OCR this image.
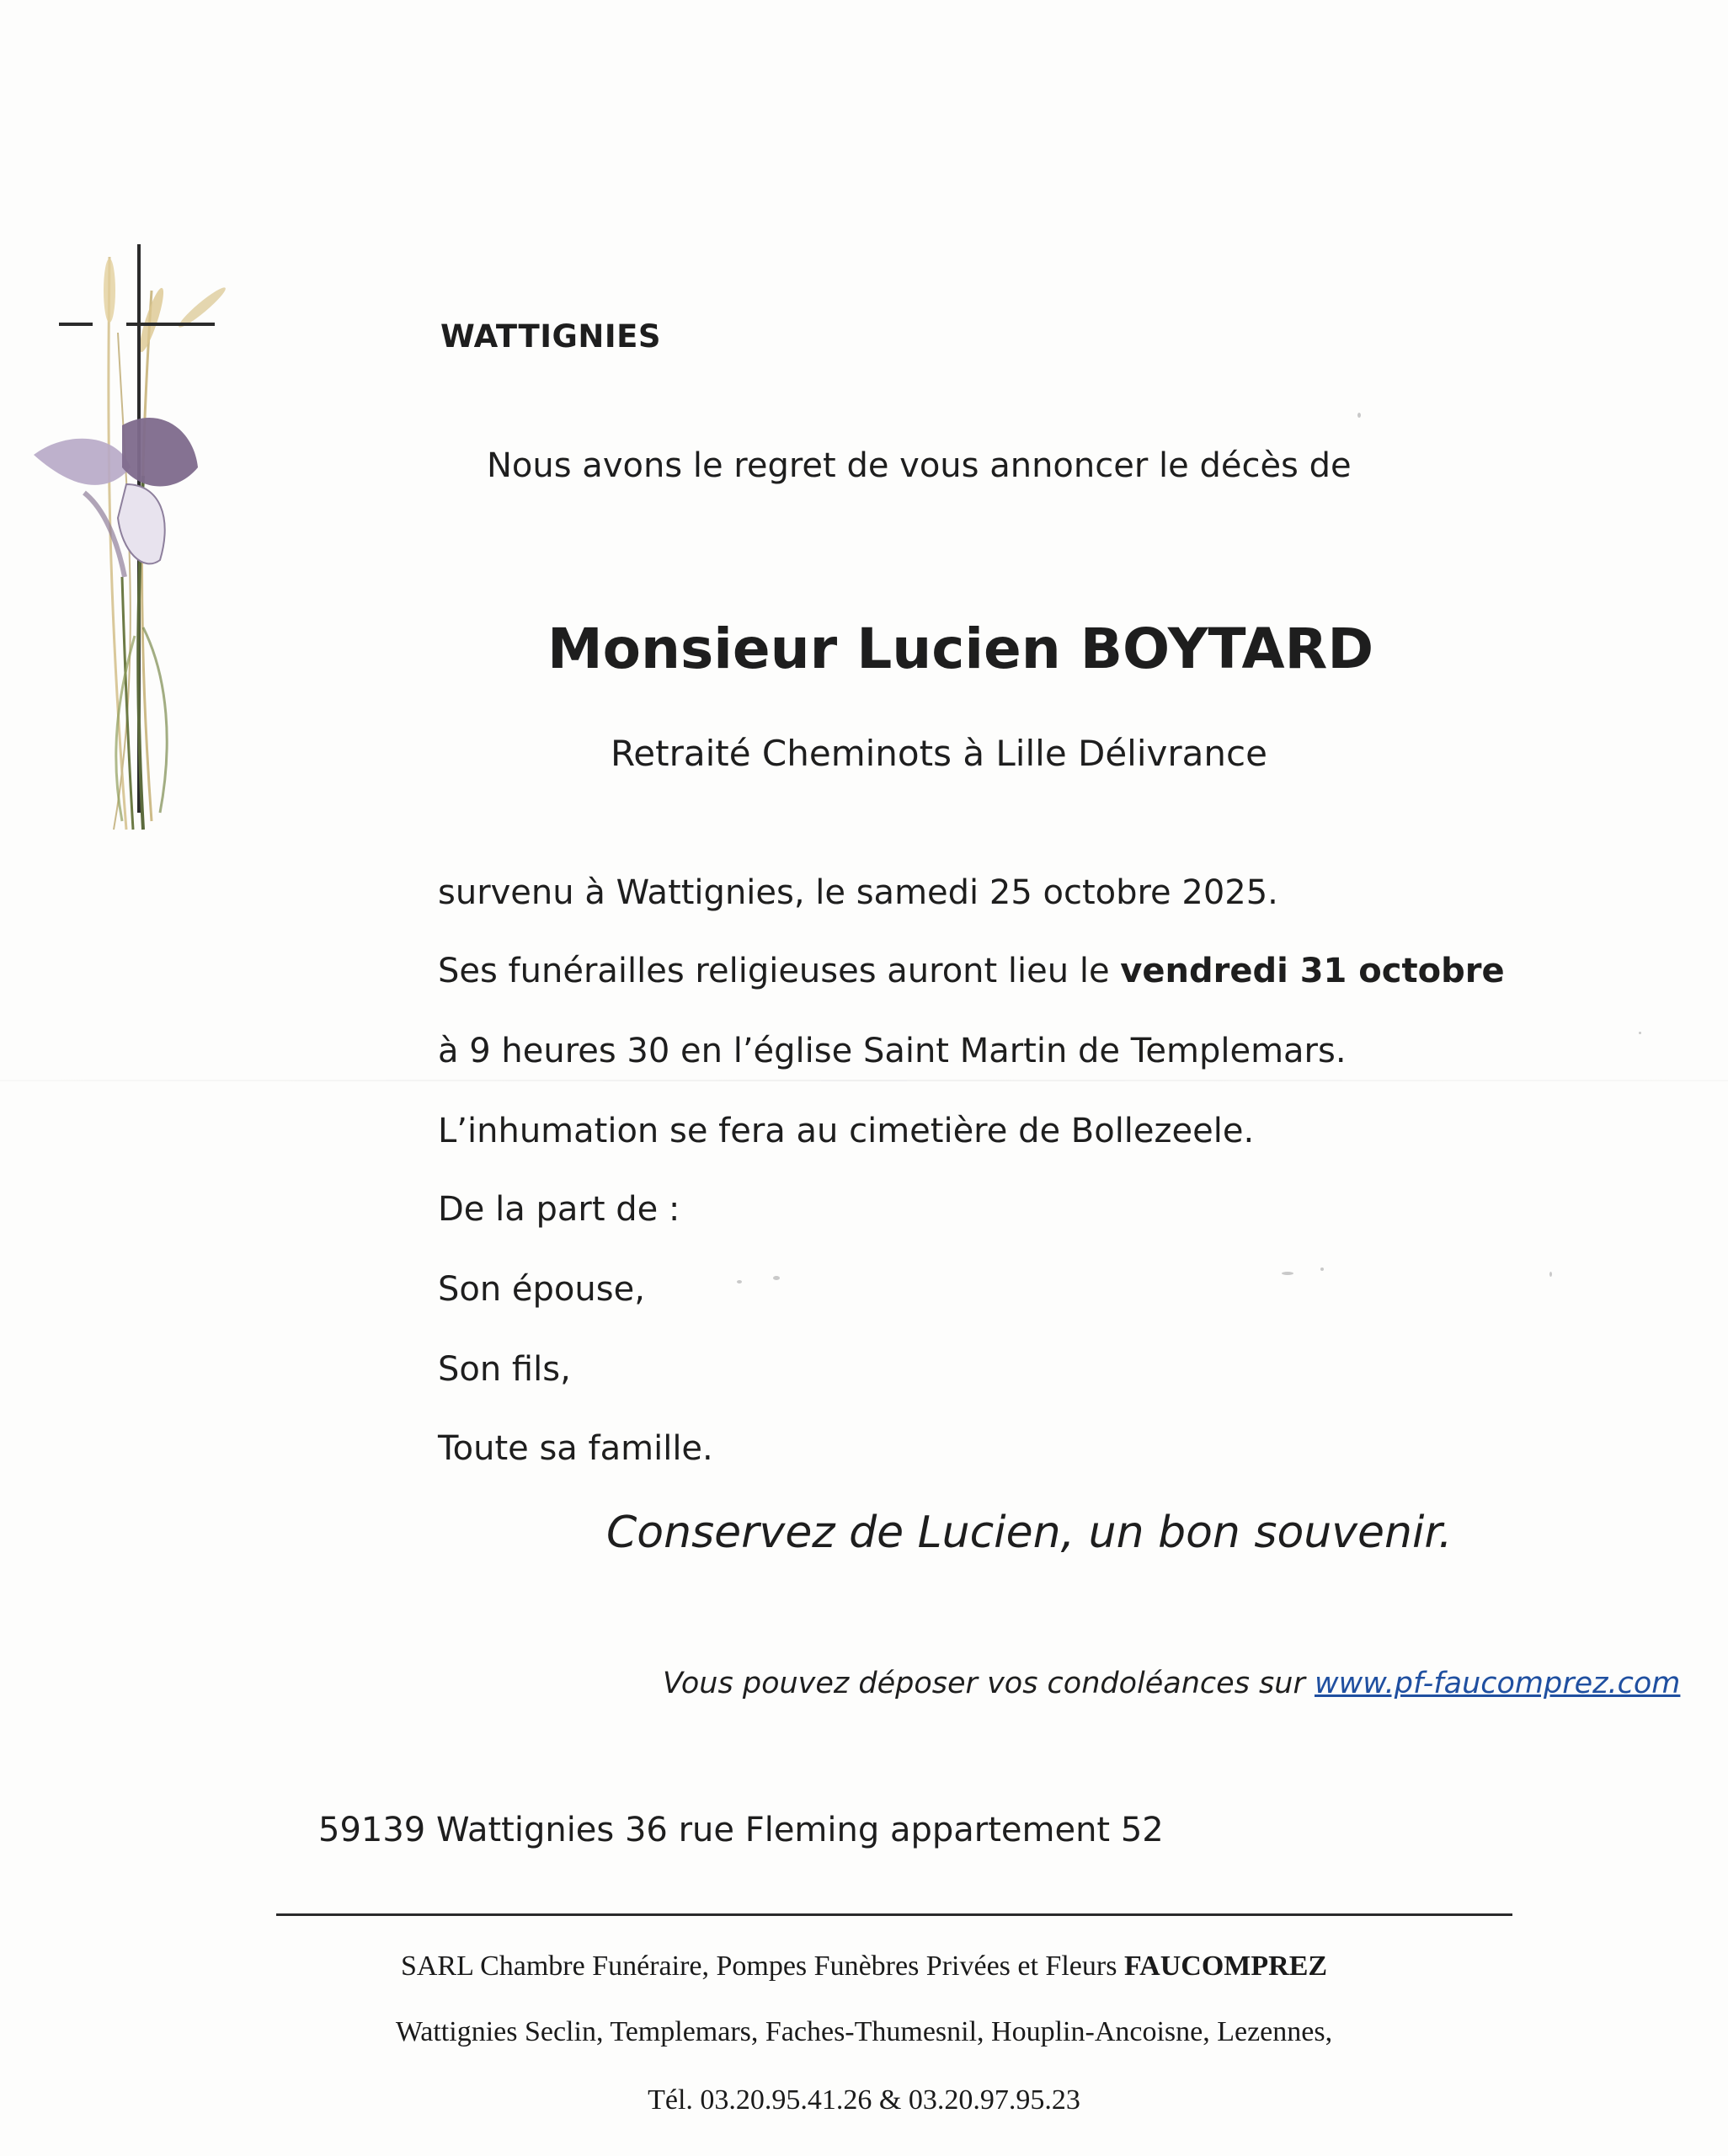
WATTIGNIES
Nous avons le regret de vous annoncer le décès de
Monsieur Lucien BOYTARD
Retraité Cheminots à Lille Délivrance
survenu à Wattignies, le samedi 25 octobre 2025.
Ses funérailles religieuses auront lieu le vendredi 31 octobre
à 9 heures 30 en l’église Saint Martin de Templemars.
L’inhumation se fera au cimetière de Bollezeele.
De la part de :
Son épouse,
Son fils,
Toute sa famille.
Conservez de Lucien, un bon souvenir.
Vous pouvez déposer vos condoléances sur www.pf-faucomprez.com
59139 Wattignies 36 rue Fleming appartement 52
SARL Chambre Funéraire, Pompes Funèbres Privées et Fleurs FAUCOMPREZ
Wattignies Seclin, Templemars, Faches-Thumesnil, Houplin-Ancoisne, Lezennes,
Tél. 03.20.95.41.26 & 03.20.97.95.23
